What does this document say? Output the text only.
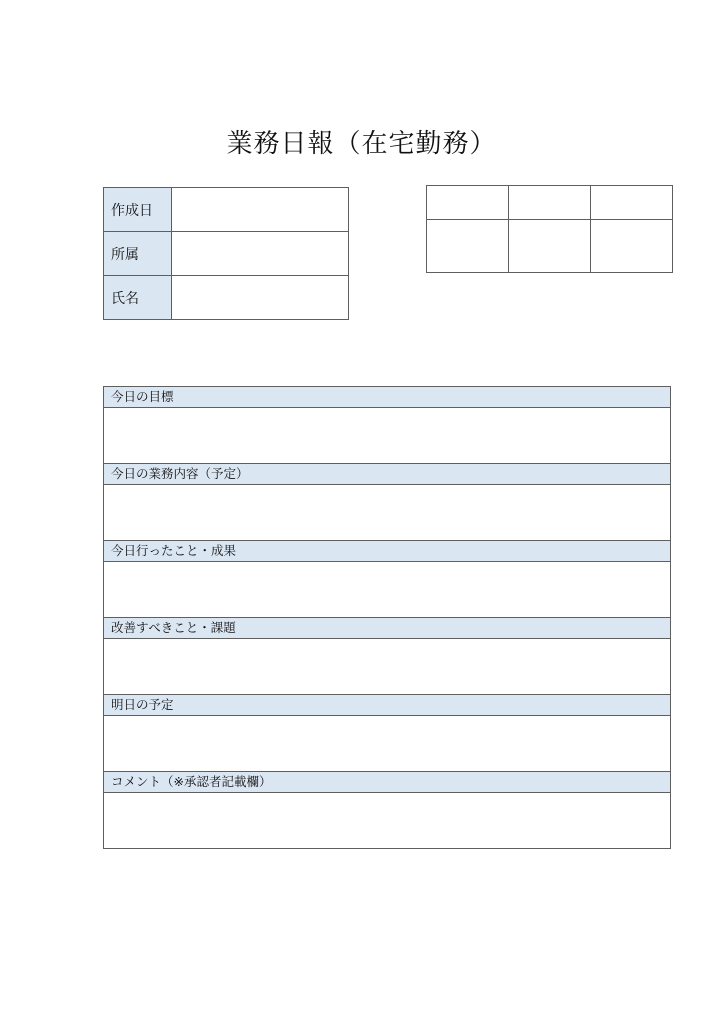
業務日報（在宅勤務）
作成日	
所属	
氏名	

今日の目標

今日の業務内容（予定）

今日行ったこと・成果

改善すべきこと・課題

明日の予定

コメント（※承認者記載欄）
